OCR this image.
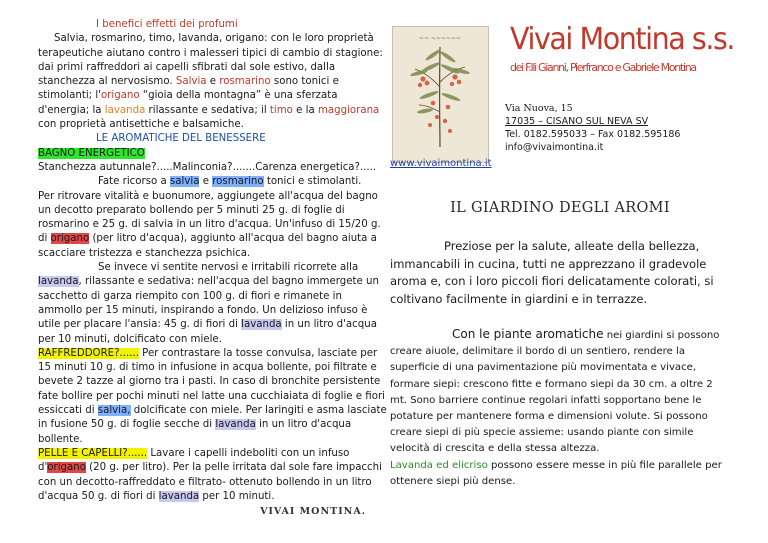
I benefici effetti dei profumi

Salvia, rosmarino, timo, lavanda, origano: con le loro proprietà terapeutiche aiutano contro i malesseri tipici di cambio di stagione: dai primi raffreddori ai capelli sfibrati dal sole estivo, dalla stanchezza al nervosismo. Salvia e rosmarino sono tonici e stimolanti; l'origano “gioia della montagna” è una sferzata d'energia; la lavanda rilassante e sedativa; il timo e la maggiorana con proprietà antisettiche e balsamiche.

LE AROMATICHE DEL BENESSERE

BAGNO ENERGETICO

Stanchezza autunnale?.....Malinconia?.......Carenza energetica?.....

Fate ricorso a salvia e rosmarino tonici e stimolanti.

Per ritrovare vitalità e buonumore, aggiungete all'acqua del bagno un decotto preparato bollendo per 5 minuti 25 g. di foglie di rosmarino e 25 g. di salvia in un litro d'acqua. Un'infuso di 15/20 g. di origano (per litro d'acqua), aggiunto all'acqua del bagno aiuta a scacciare tristezza e stanchezza psichica.

Se invece vi sentite nervosi e irritabili ricorrete alla

lavanda, rilassante e sedativa: nell'acqua del bagno immergete un sacchetto di garza riempito con 100 g. di fiori e rimanete in ammollo per 15 minuti, inspirando a fondo. Un delizioso infuso è utile per placare l'ansia: 45 g. di fiori di lavanda in un litro d'acqua per 10 minuti, dolcificato con miele.

RAFFREDDORE?...... Per contrastare la tosse convulsa, lasciate per 15 minuti 10 g. di timo in infusione in acqua bollente, poi filtrate e bevete 2 tazze al giorno tra i pasti. In caso di bronchite persistente fate bollire per pochi minuti nel latte una cucchiaiata di foglie e fiori essiccati di salvia, dolcificate con miele. Per laringiti e asma lasciate in fusione 50 g. di foglie secche di lavanda in un litro d'acqua bollente.

PELLE E CAPELLI?...... Lavare i capelli indeboliti con un infuso d'origano (20 g. per litro). Per la pelle irritata dal sole fare impacchi con un decotto-raffreddato e filtrato- ottenuto bollendo in un litro d'acqua 50 g. di fiori di lavanda per 10 minuti.

VIVAI MONTINA.
~~ ~~~~~~
www.vivaimontina.it
Vivai Montina s.s.
dei F.lli Gianni, Pierfranco e Gabriele Montina
Via Nuova, 15
17035 – CISANO SUL NEVA SV
Tel. 0182.595033 – Fax 0182.595186
info@vivaimontina.it
IL GIARDINO DEGLI AROMI

Preziose per la salute, alleate della bellezza, immancabili in cucina, tutti ne apprezzano il gradevole aroma e, con i loro piccoli fiori delicatamente colorati, si coltivano facilmente in giardini e in terrazze.

Con le piante aromatiche nei giardini si possono creare aiuole, delimitare il bordo di un sentiero, rendere la superficie di una pavimentazione più movimentata e vivace, formare siepi: crescono fitte e formano siepi da 30 cm. a oltre 2 mt. Sono barriere continue regolari infatti sopportano bene le potature per mantenere forma e dimensioni volute. Si possono creare siepi di più specie assieme: usando piante con simile velocità di crescita e della stessa altezza.

Lavanda ed elicriso possono essere messe in più file parallele per ottenere siepi più dense.
